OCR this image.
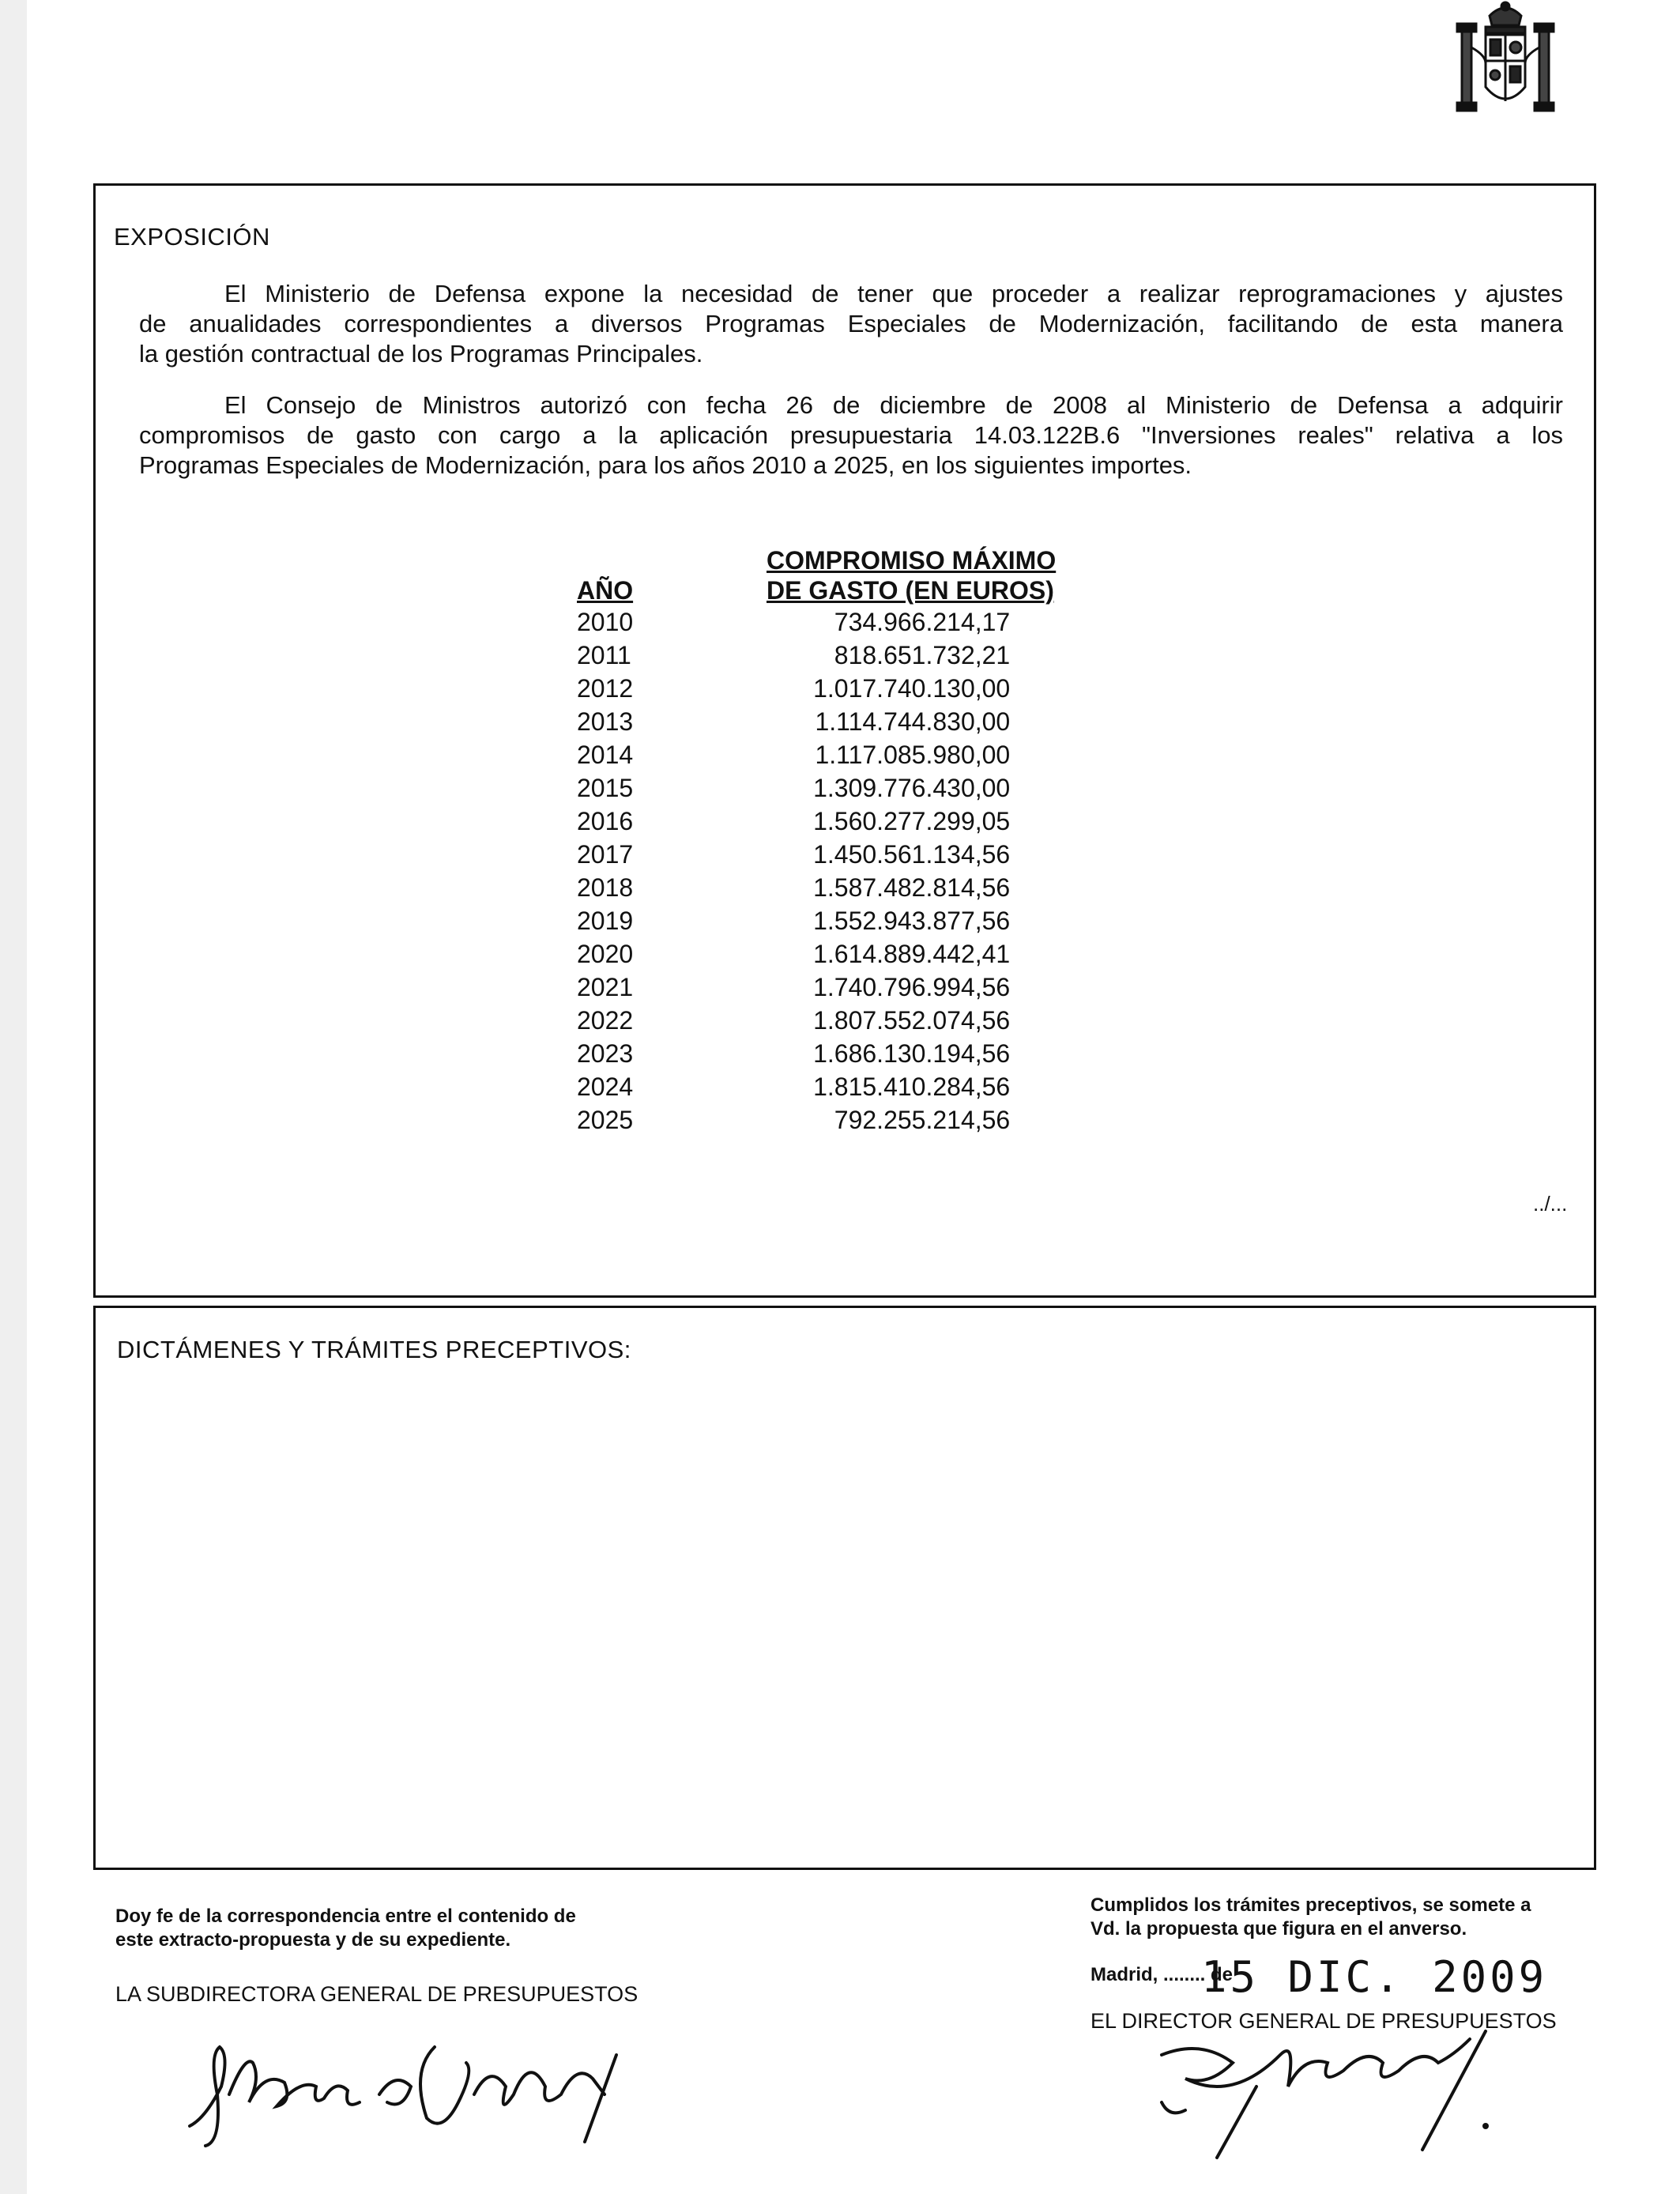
EXPOSICIÓN
El Ministerio de Defensa expone la necesidad de tener que proceder a realizar reprogramaciones y ajustes
de anualidades correspondientes a diversos Programas Especiales de Modernización, facilitando de esta manera
la gestión contractual de los Programas Principales.
El Consejo de Ministros autorizó con fecha 26 de diciembre de 2008 al Ministerio de Defensa a adquirir
compromisos de gasto con cargo a la aplicación presupuestaria 14.03.122B.6 "Inversiones reales" relativa a los
Programas Especiales de Modernización, para los años 2010 a 2025, en los siguientes importes.
AÑO	COMPROMISO MÁXIMO
DE GASTO (EN EUROS)

2010	734.966.214,17
2011	818.651.732,21
2012	1.017.740.130,00
2013	1.114.744.830,00
2014	1.117.085.980,00
2015	1.309.776.430,00
2016	1.560.277.299,05
2017	1.450.561.134,56
2018	1.587.482.814,56
2019	1.552.943.877,56
2020	1.614.889.442,41
2021	1.740.796.994,56
2022	1.807.552.074,56
2023	1.686.130.194,56
2024	1.815.410.284,56
2025	792.255.214,56
../...
DICTÁMENES Y TRÁMITES PRECEPTIVOS:
Doy fe de la correspondencia entre el contenido de
este extracto-propuesta y de su expediente.
LA SUBDIRECTORA GENERAL DE PRESUPUESTOS
Cumplidos los trámites preceptivos, se somete a
Vd. la propuesta que figura en el anverso.
Madrid, ........ de
15 DIC. 2009
EL DIRECTOR GENERAL DE PRESUPUESTOS
